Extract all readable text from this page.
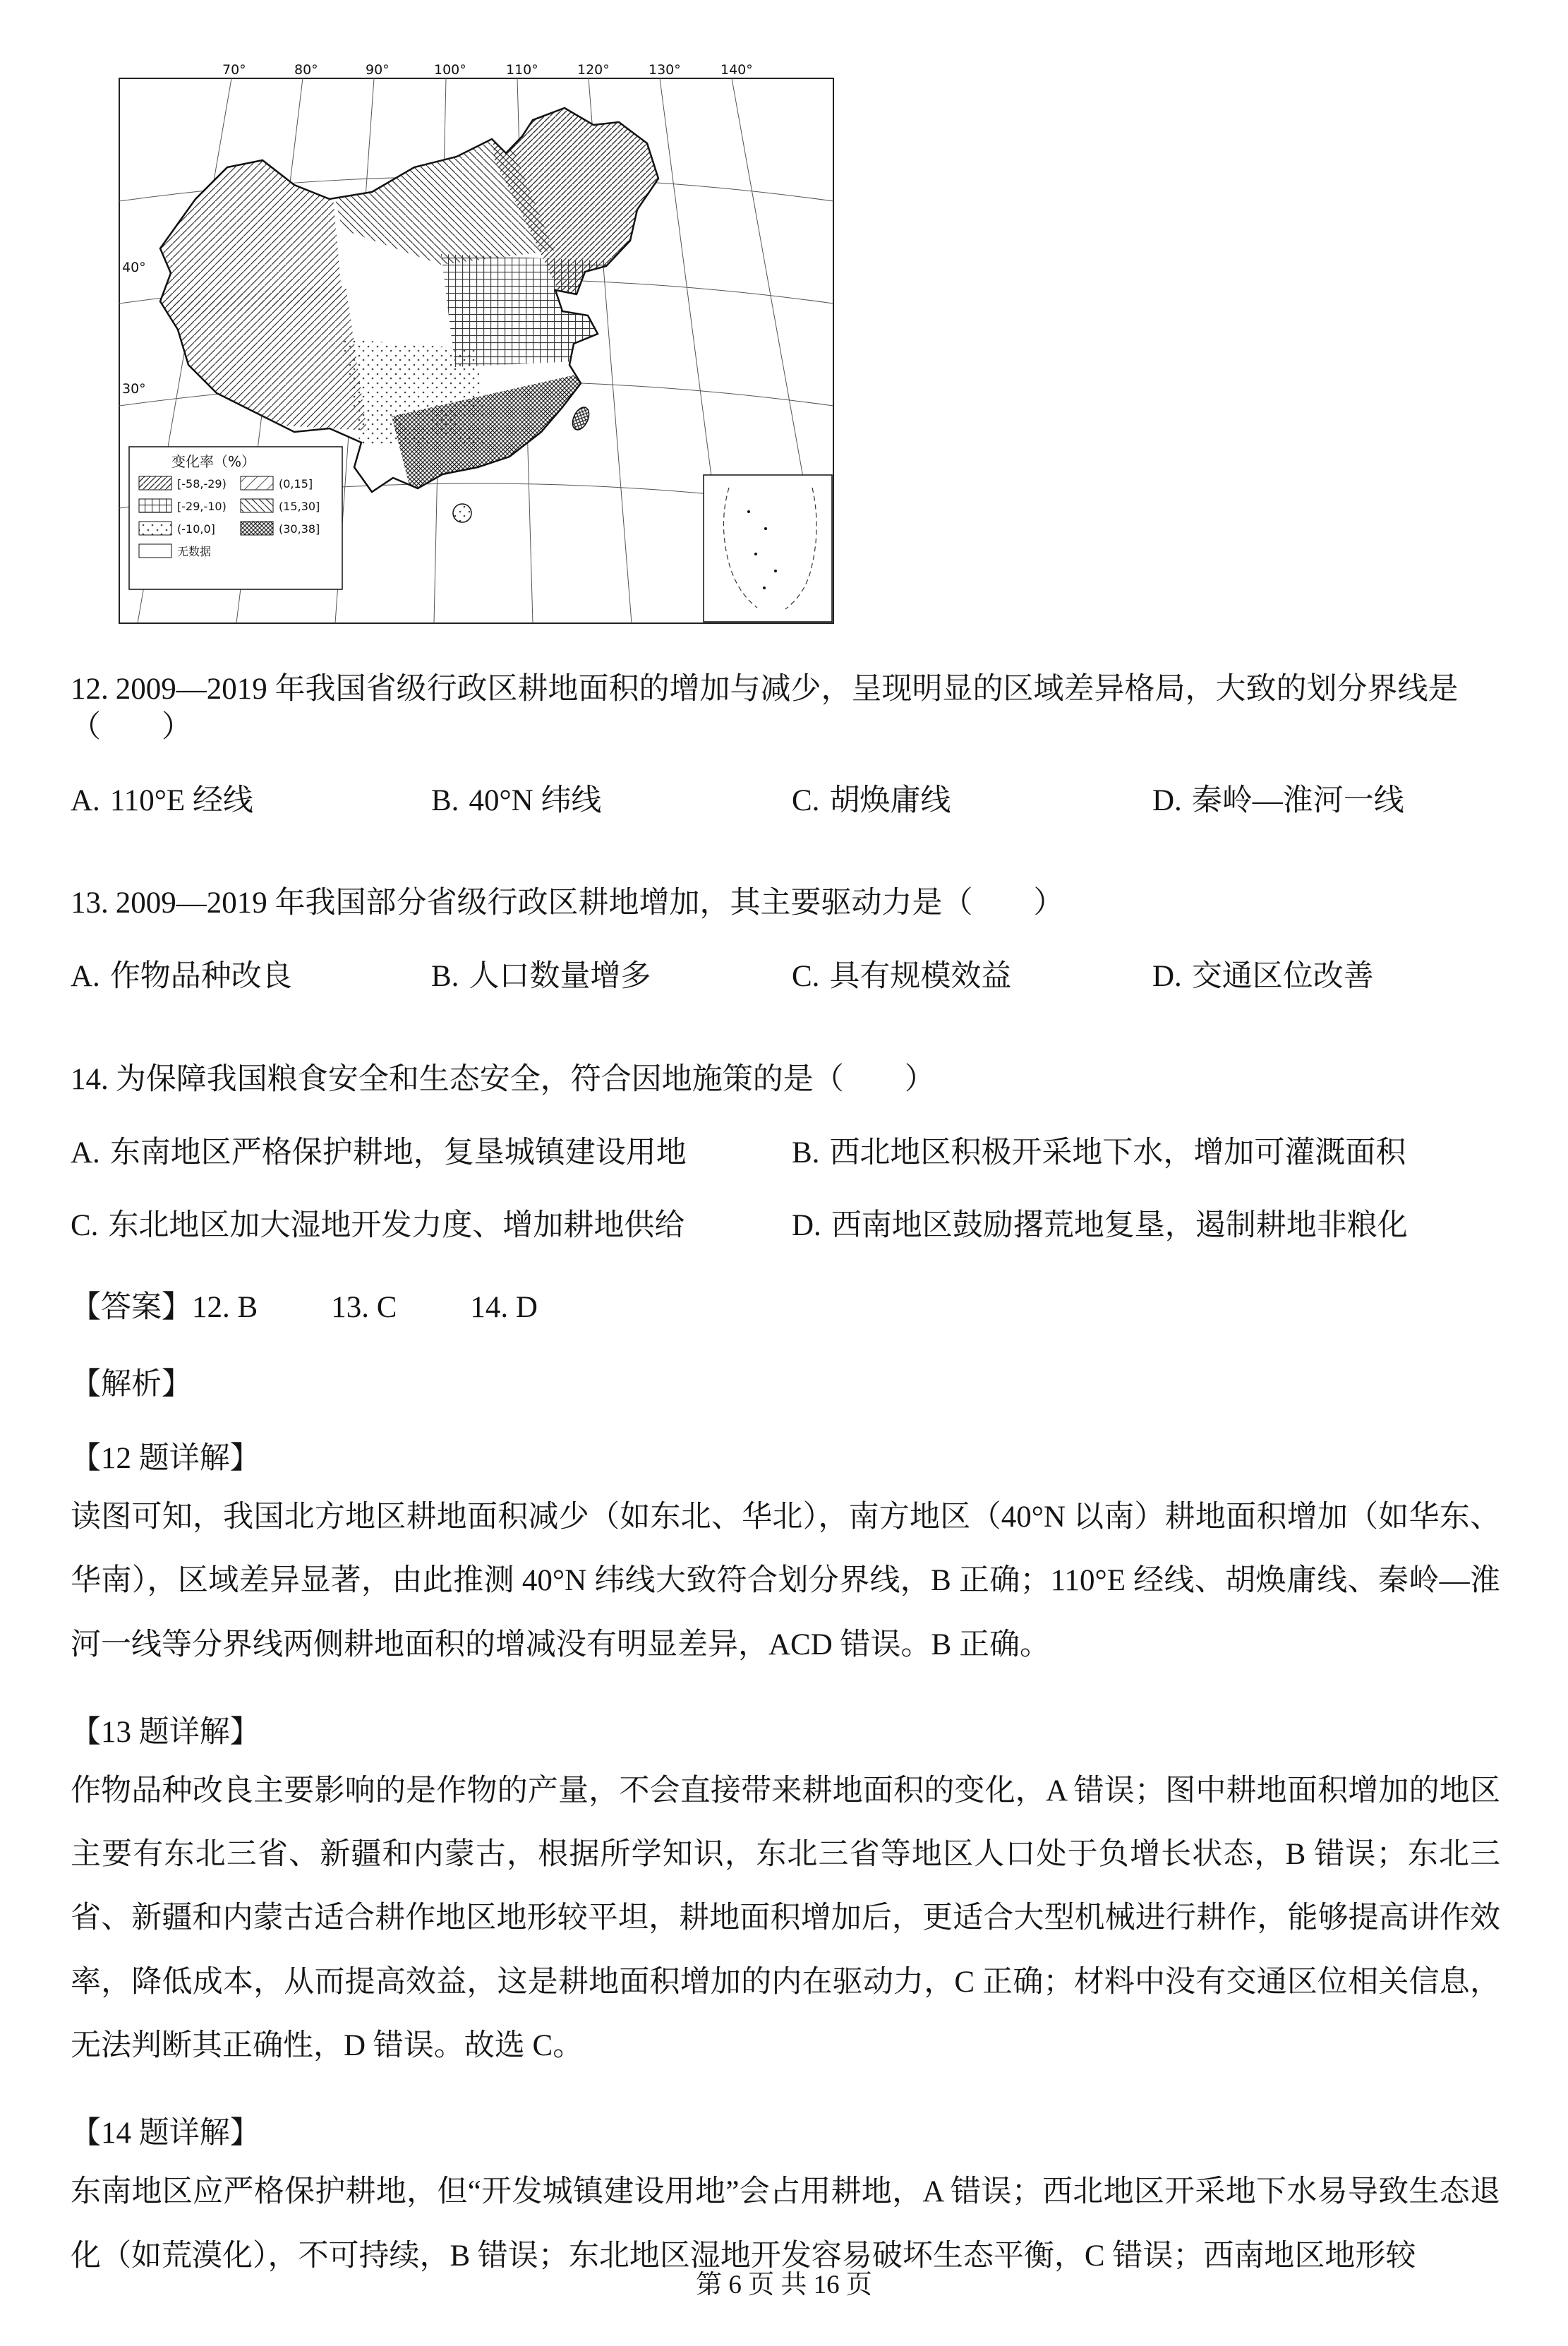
70°	80°	90°	100°	110°	120°	130°	140°
40°
30°
变化率（%）
[-58,-29)	(0,15]
[-29,-10)	(15,30]
(-10,0]	(30,38]
无数据
12. 2009—2019 年我国省级行政区耕地面积的增加与减少，呈现明显的区域差异格局，大致的划分界线是（　　）
A. 110°E 经线	B. 40°N 纬线	C. 胡焕庸线	D. 秦岭—淮河一线
13. 2009—2019 年我国部分省级行政区耕地增加，其主要驱动力是（　　）
A. 作物品种改良	B. 人口数量增多	C. 具有规模效益	D. 交通区位改善
14. 为保障我国粮食安全和生态安全，符合因地施策的是（　　）
A. 东南地区严格保护耕地，复垦城镇建设用地	B. 西北地区积极开采地下水，增加可灌溉面积
C. 东北地区加大湿地开发力度、增加耕地供给	D. 西南地区鼓励撂荒地复垦，遏制耕地非粮化
【答案】12. B 13. C 14. D
【解析】
【12 题详解】
读图可知，我国北方地区耕地面积减少（如东北、华北），南方地区（40°N 以南）耕地面积增加（如华东、华南），区域差异显著，由此推测 40°N 纬线大致符合划分界线，B 正确；110°E 经线、胡焕庸线、秦岭—淮河一线等分界线两侧耕地面积的增减没有明显差异，ACD 错误。B 正确。
【13 题详解】
作物品种改良主要影响的是作物的产量，不会直接带来耕地面积的变化，A 错误；图中耕地面积增加的地区主要有东北三省、新疆和内蒙古，根据所学知识，东北三省等地区人口处于负增长状态，B 错误；东北三省、新疆和内蒙古适合耕作地区地形较平坦，耕地面积增加后，更适合大型机械进行耕作，能够提高讲作效率，降低成本，从而提高效益，这是耕地面积增加的内在驱动力，C 正确；材料中没有交通区位相关信息，无法判断其正确性，D 错误。故选 C。
【14 题详解】
东南地区应严格保护耕地，但“开发城镇建设用地”会占用耕地，A 错误；西北地区开采地下水易导致生态退化（如荒漠化），不可持续，B 错误；东北地区湿地开发容易破坏生态平衡，C 错误；西南地区地形较
第 6 页 共 16 页
